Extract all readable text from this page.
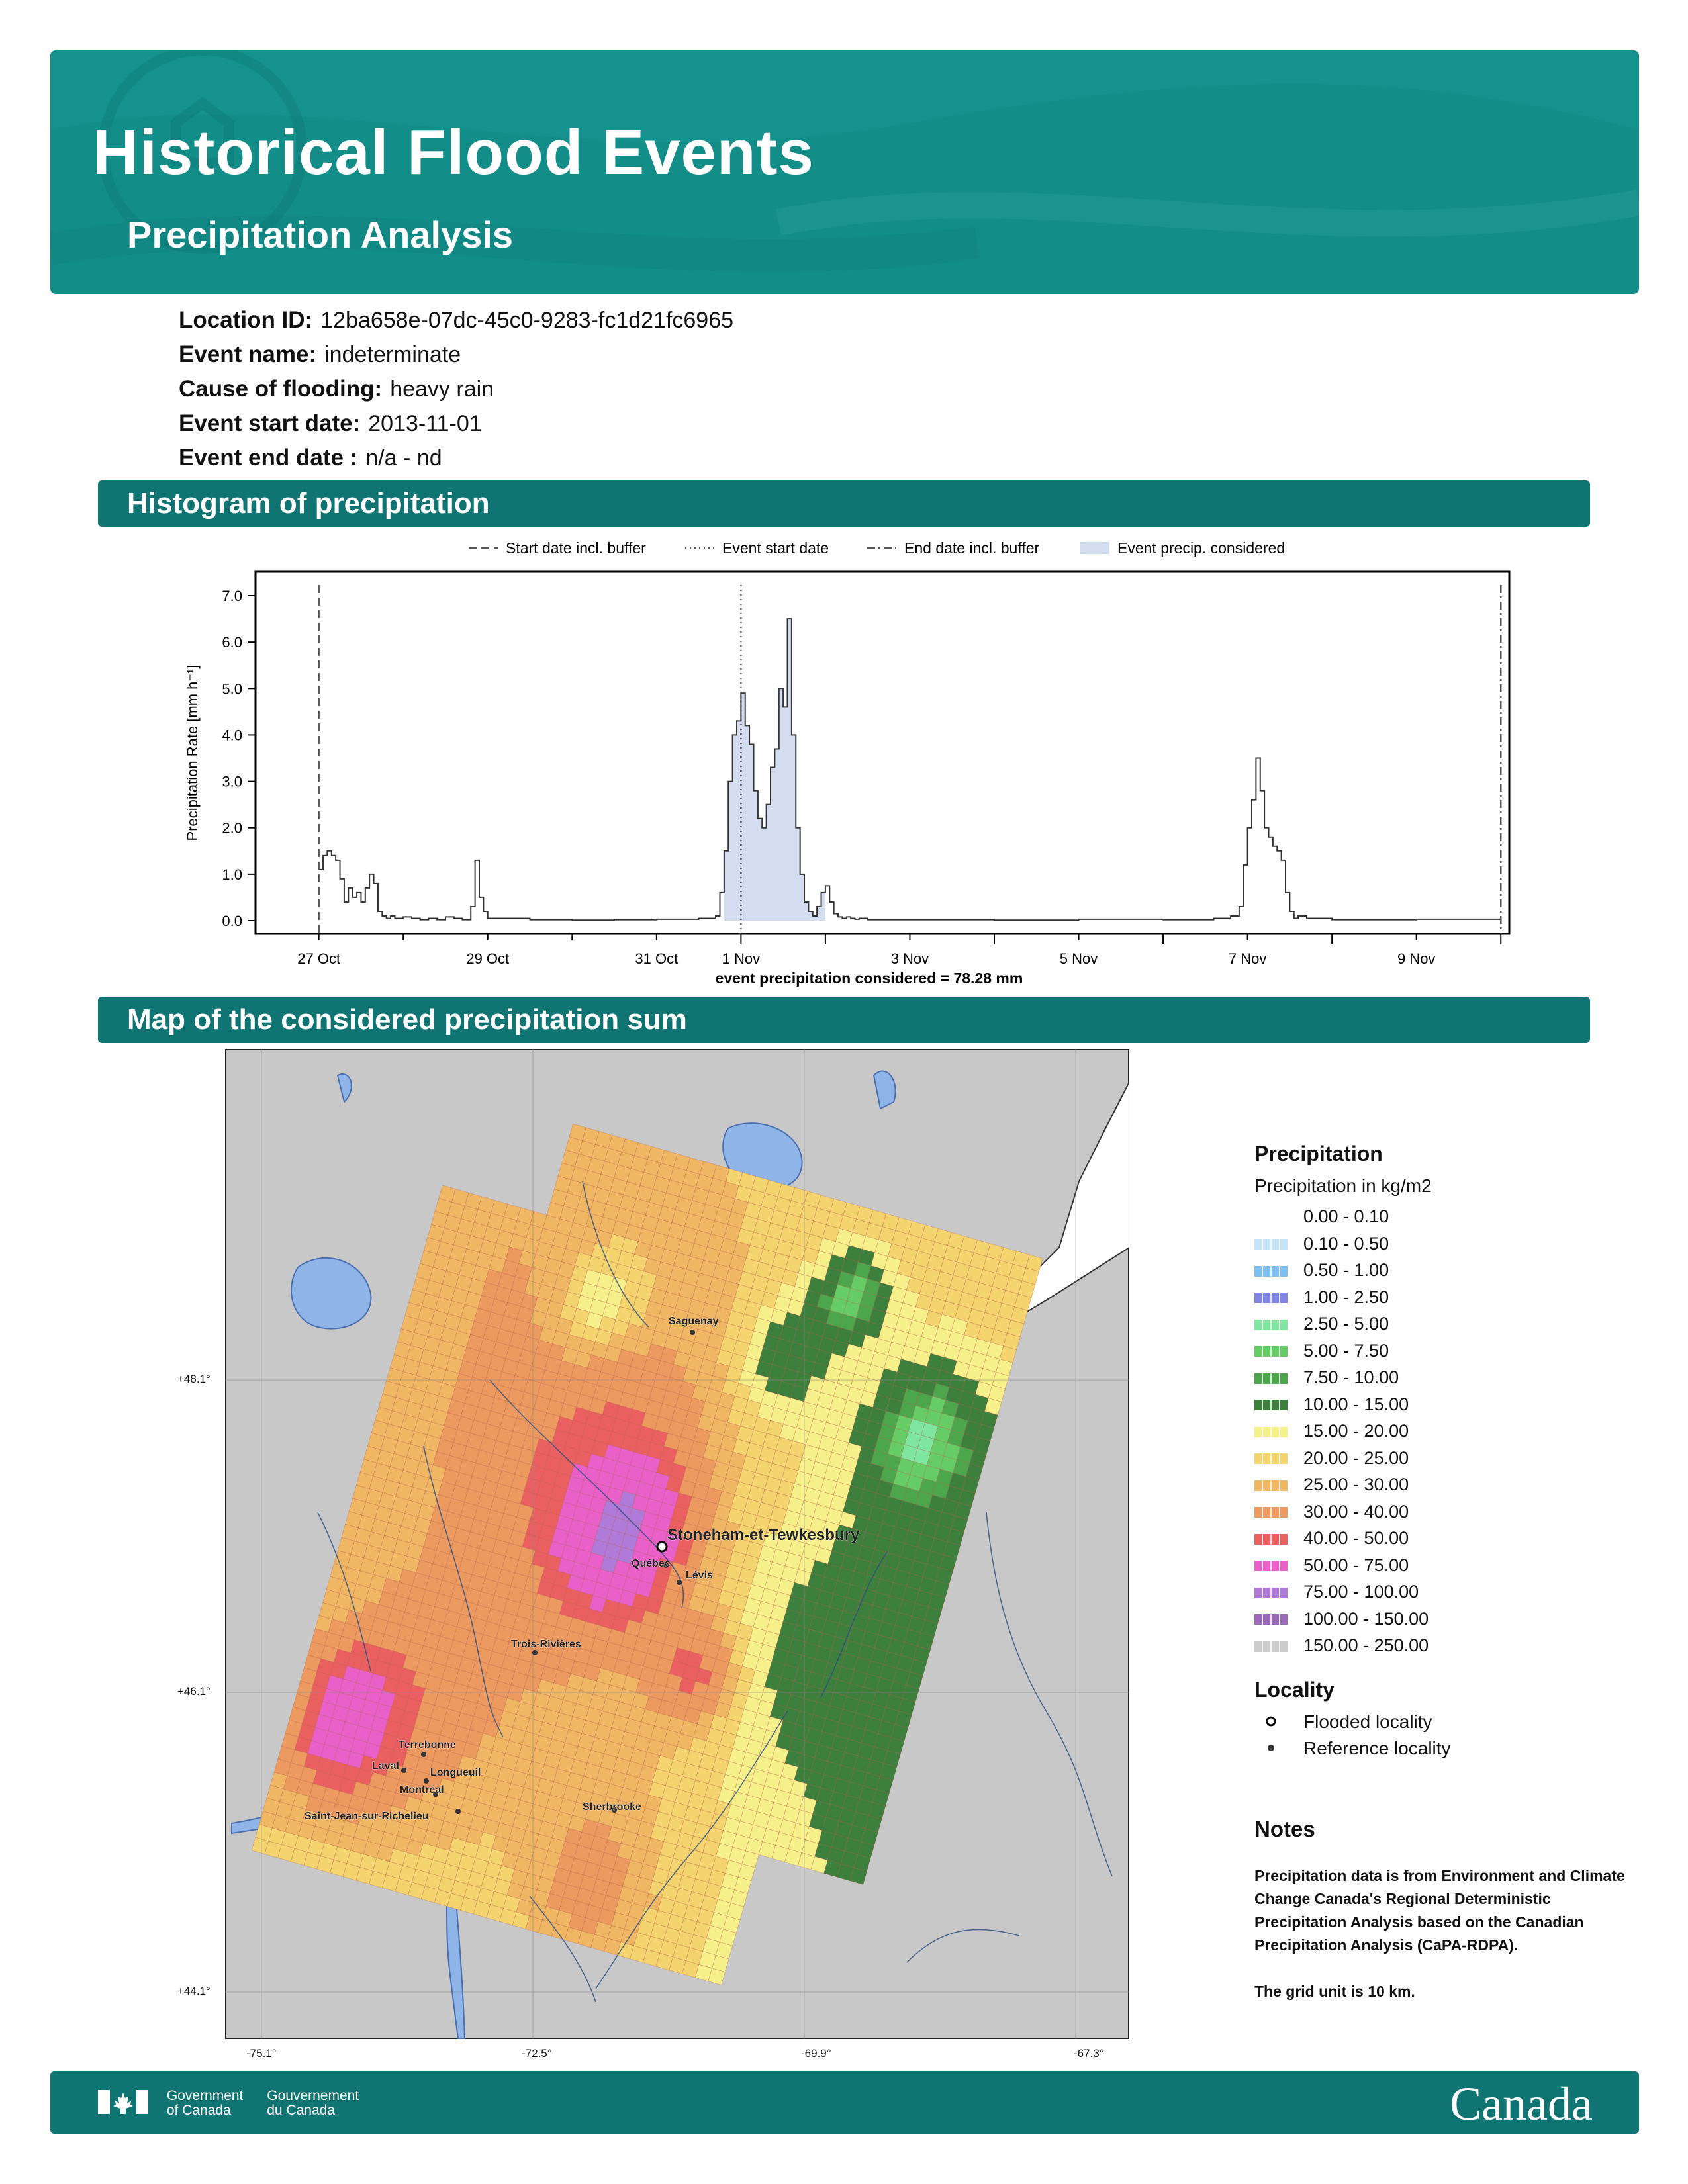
Historical Flood Events
Precipitation Analysis
Location ID: 12ba658e-07dc-45c0-9283-fc1d21fc6965
Event name: indeterminate
Cause of flooding: heavy rain
Event start date: 2013-11-01
Event end date : n/a - nd
Histogram of precipitation
0.0
1.0
2.0
3.0
4.0
5.0
6.0
7.0
27 Oct	29 Oct	31 Oct	1 Nov	3 Nov	5 Nov	7 Nov	9 Nov
Precipitation Rate [mm h⁻¹]
event precipitation considered = 78.28 mm
Start date incl. buffer	Event start date	End date incl. buffer	Event precip. considered
Map of the considered precipitation sum
Stoneham-et-Tewkesbury
Saguenay
Québec
Lévis
Trois-Rivières
Terrebonne
Laval
Longueuil
Montréal
Saint-Jean-sur-Richelieu
Sherbrooke
+48.1°
+46.1°
+44.1°
-75.1°	-72.5°	-69.9°	-67.3°
Precipitation
Precipitation in kg/m2
0.00 - 0.10
0.10 - 0.50
0.50 - 1.00
1.00 - 2.50
2.50 - 5.00
5.00 - 7.50
7.50 - 10.00
10.00 - 15.00
15.00 - 20.00
20.00 - 25.00
25.00 - 30.00
30.00 - 40.00
40.00 - 50.00
50.00 - 75.00
75.00 - 100.00
100.00 - 150.00
150.00 - 250.00
Locality
Flooded locality
Reference locality
Notes

Precipitation data is from Environment and Climate Change Canada's Regional Deterministic Precipitation Analysis based on the Canadian Precipitation Analysis (CaPA-RDPA).

The grid unit is 10 km.

Government
of Canada Gouvernement
du Canada	Canada
